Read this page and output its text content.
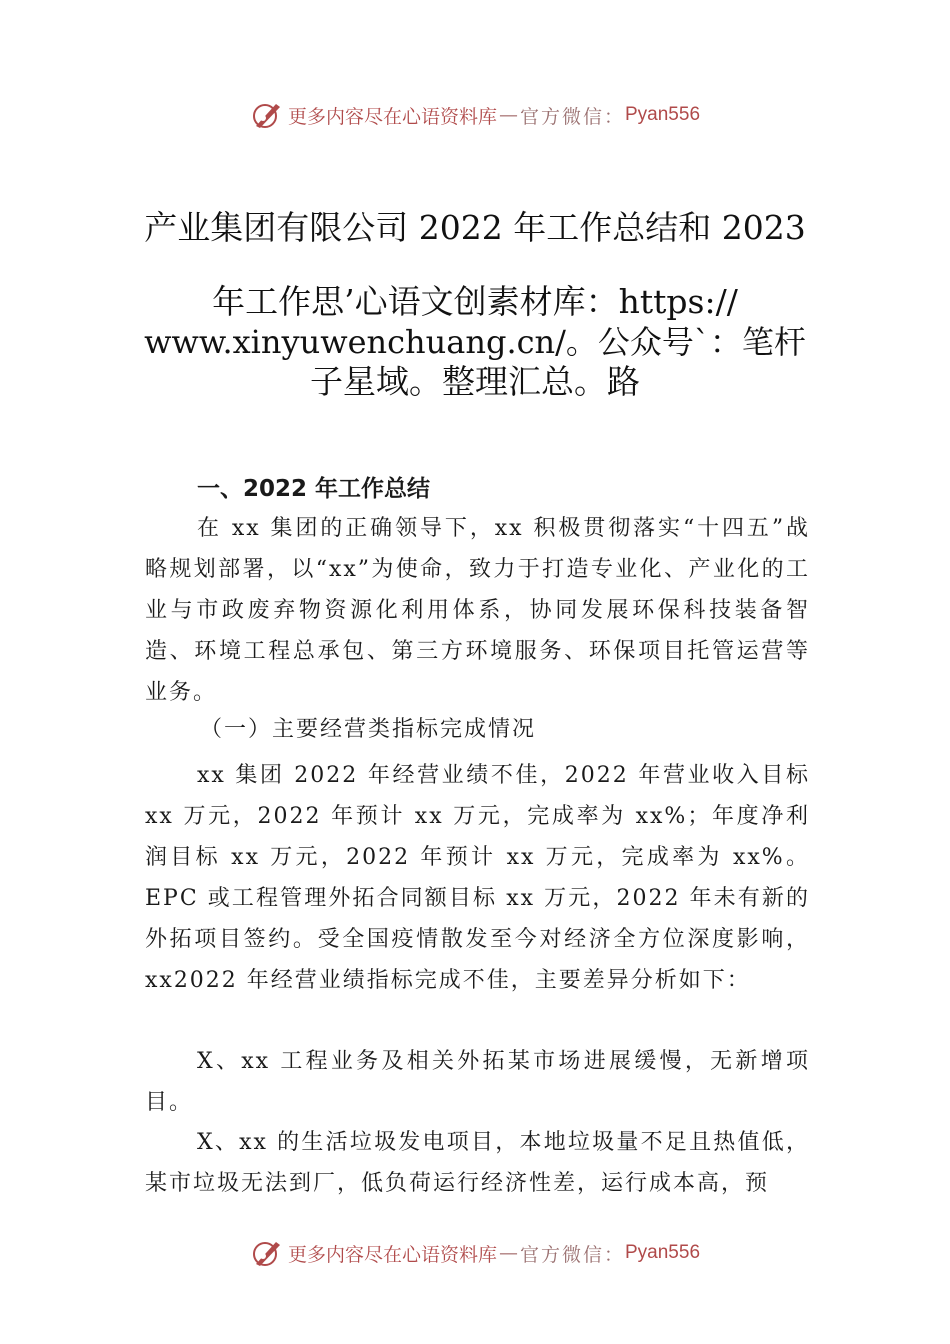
更多内容尽在心语资料库 — 官方微信： Pyan556
产业集团有限公司 2022 年工作总结和 2023
年工作思’心语文创素材库：https://
www.xinyuwenchuang.cn/。公众号`：笔杆
子星域。整理汇总。路
一、2022 年工作总结
在 xx 集团的正确领导下，xx 积极贯彻落实“十四五”战略规划部署，以“xx”为使命，致力于打造专业化、产业化的工业与市政废弃物资源化利用体系，协同发展环保科技装备智造、环境工程总承包、第三方环境服务、环保项目托管运营等业务。
（一）主要经营类指标完成情况
xx 集团 2022 年经营业绩不佳，2022 年营业收入目标 xx 万元，2022 年预计 xx 万元，完成率为 xx%；年度净利润目标 xx 万元，2022 年预计 xx 万元，完成率为 xx%。EPC 或工程管理外拓合同额目标 xx 万元，2022 年未有新的外拓项目签约。受全国疫情散发至今对经济全方位深度影响， xx2022 年经营业绩指标完成不佳，主要差异分析如下：
X、xx 工程业务及相关外拓某市场进展缓慢，无新增项目。
X、xx 的生活垃圾发电项目，本地垃圾量不足且热值低，某市垃圾无法到厂，低负荷运行经济性差，运行成本高，预
更多内容尽在心语资料库 — 官方微信： Pyan556
